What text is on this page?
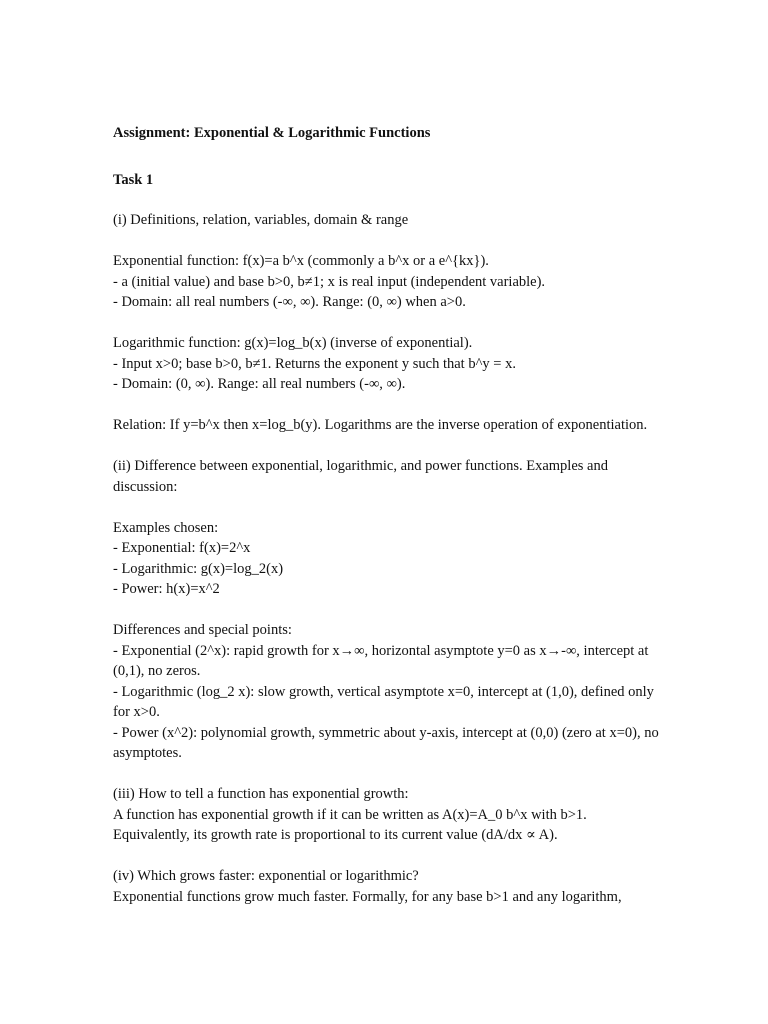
Assignment: Exponential & Logarithmic Functions
Task 1
(i) Definitions, relation, variables, domain & range
Exponential function: f(x)=a b^x (commonly a b^x or a e^{kx}).
- a (initial value) and base b>0, b≠1; x is real input (independent variable).
- Domain: all real numbers (-∞, ∞). Range: (0, ∞) when a>0.
Logarithmic function: g(x)=log_b(x) (inverse of exponential).
- Input x>0; base b>0, b≠1. Returns the exponent y such that b^y = x.
- Domain: (0, ∞). Range: all real numbers (-∞, ∞).
Relation: If y=b^x then x=log_b(y). Logarithms are the inverse operation of exponentiation.
(ii) Difference between exponential, logarithmic, and power functions. Examples and discussion:
Examples chosen:
- Exponential: f(x)=2^x
- Logarithmic: g(x)=log_2(x)
- Power: h(x)=x^2
Differences and special points:
- Exponential (2^x): rapid growth for x→∞, horizontal asymptote y=0 as x→-∞, intercept at (0,1), no zeros.
- Logarithmic (log_2 x): slow growth, vertical asymptote x=0, intercept at (1,0), defined only for x>0.
- Power (x^2): polynomial growth, symmetric about y-axis, intercept at (0,0) (zero at x=0), no asymptotes.
(iii) How to tell a function has exponential growth:
A function has exponential growth if it can be written as A(x)=A_0 b^x with b>1.
Equivalently, its growth rate is proportional to its current value (dA/dx ∝ A).
(iv) Which grows faster: exponential or logarithmic?
Exponential functions grow much faster. Formally, for any base b>1 and any logarithm,
